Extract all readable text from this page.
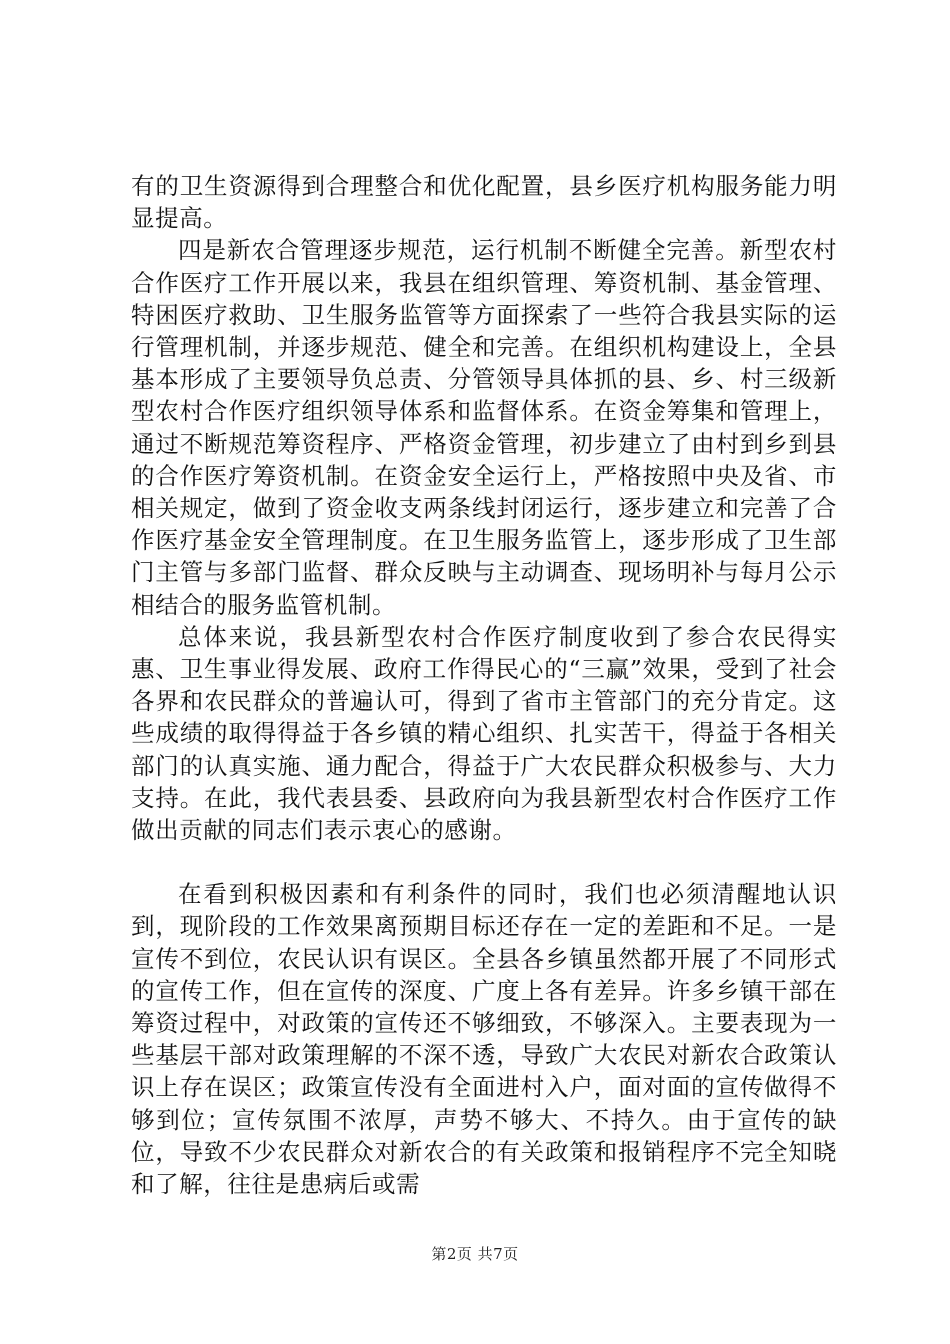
有的卫生资源得到合理整合和优化配置，县乡医疗机构服务能力明显提高。

四是新农合管理逐步规范，运行机制不断健全完善。新型农村合作医疗工作开展以来，我县在组织管理、筹资机制、基金管理、特困医疗救助、卫生服务监管等方面探索了一些符合我县实际的运行管理机制，并逐步规范、健全和完善。在组织机构建设上，全县基本形成了主要领导负总责、分管领导具体抓的县、乡、村三级新型农村合作医疗组织领导体系和监督体系。在资金筹集和管理上，通过不断规范筹资程序、严格资金管理，初步建立了由村到乡到县的合作医疗筹资机制。在资金安全运行上，严格按照中央及省、市相关规定，做到了资金收支两条线封闭运行，逐步建立和完善了合作医疗基金安全管理制度。在卫生服务监管上，逐步形成了卫生部门主管与多部门监督、群众反映与主动调查、现场明补与每月公示相结合的服务监管机制。

总体来说，我县新型农村合作医疗制度收到了参合农民得实惠、卫生事业得发展、政府工作得民心的“三赢”效果，受到了社会各界和农民群众的普遍认可，得到了省市主管部门的充分肯定。这些成绩的取得得益于各乡镇的精心组织、扎实苦干，得益于各相关部门的认真实施、通力配合，得益于广大农民群众积极参与、大力支持。在此，我代表县委、县政府向为我县新型农村合作医疗工作做出贡献的同志们表示衷心的感谢。

在看到积极因素和有利条件的同时，我们也必须清醒地认识到，现阶段的工作效果离预期目标还存在一定的差距和不足。一是宣传不到位，农民认识有误区。全县各乡镇虽然都开展了不同形式的宣传工作，但在宣传的深度、广度上各有差异。许多乡镇干部在筹资过程中，对政策的宣传还不够细致，不够深入。主要表现为一些基层干部对政策理解的不深不透，导致广大农民对新农合政策认识上存在误区；政策宣传没有全面进村入户，面对面的宣传做得不够到位；宣传氛围不浓厚，声势不够大、不持久。由于宣传的缺位，导致不少农民群众对新农合的有关政策和报销程序不完全知晓和了解，往往是患病后或需

第2页 共7页
